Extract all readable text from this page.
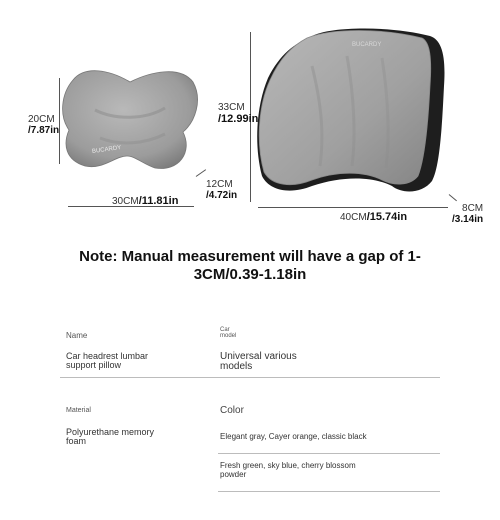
BUCARDY
20CM
/7.87in
30CM/11.81in
12CM
/4.72in
BUCARDY
33CM
/12.99in
40CM/15.74in
8CM
/3.14in
Note: Manual measurement will have a gap of 1-
3CM/0.39-1.18in
Name
Car
model
Car headrest lumbar
support pillow
Universal various
models
Material	Color
Polyurethane memory
foam	Elegant gray, Cayer orange, classic black
Fresh green, sky blue, cherry blossom
powder
